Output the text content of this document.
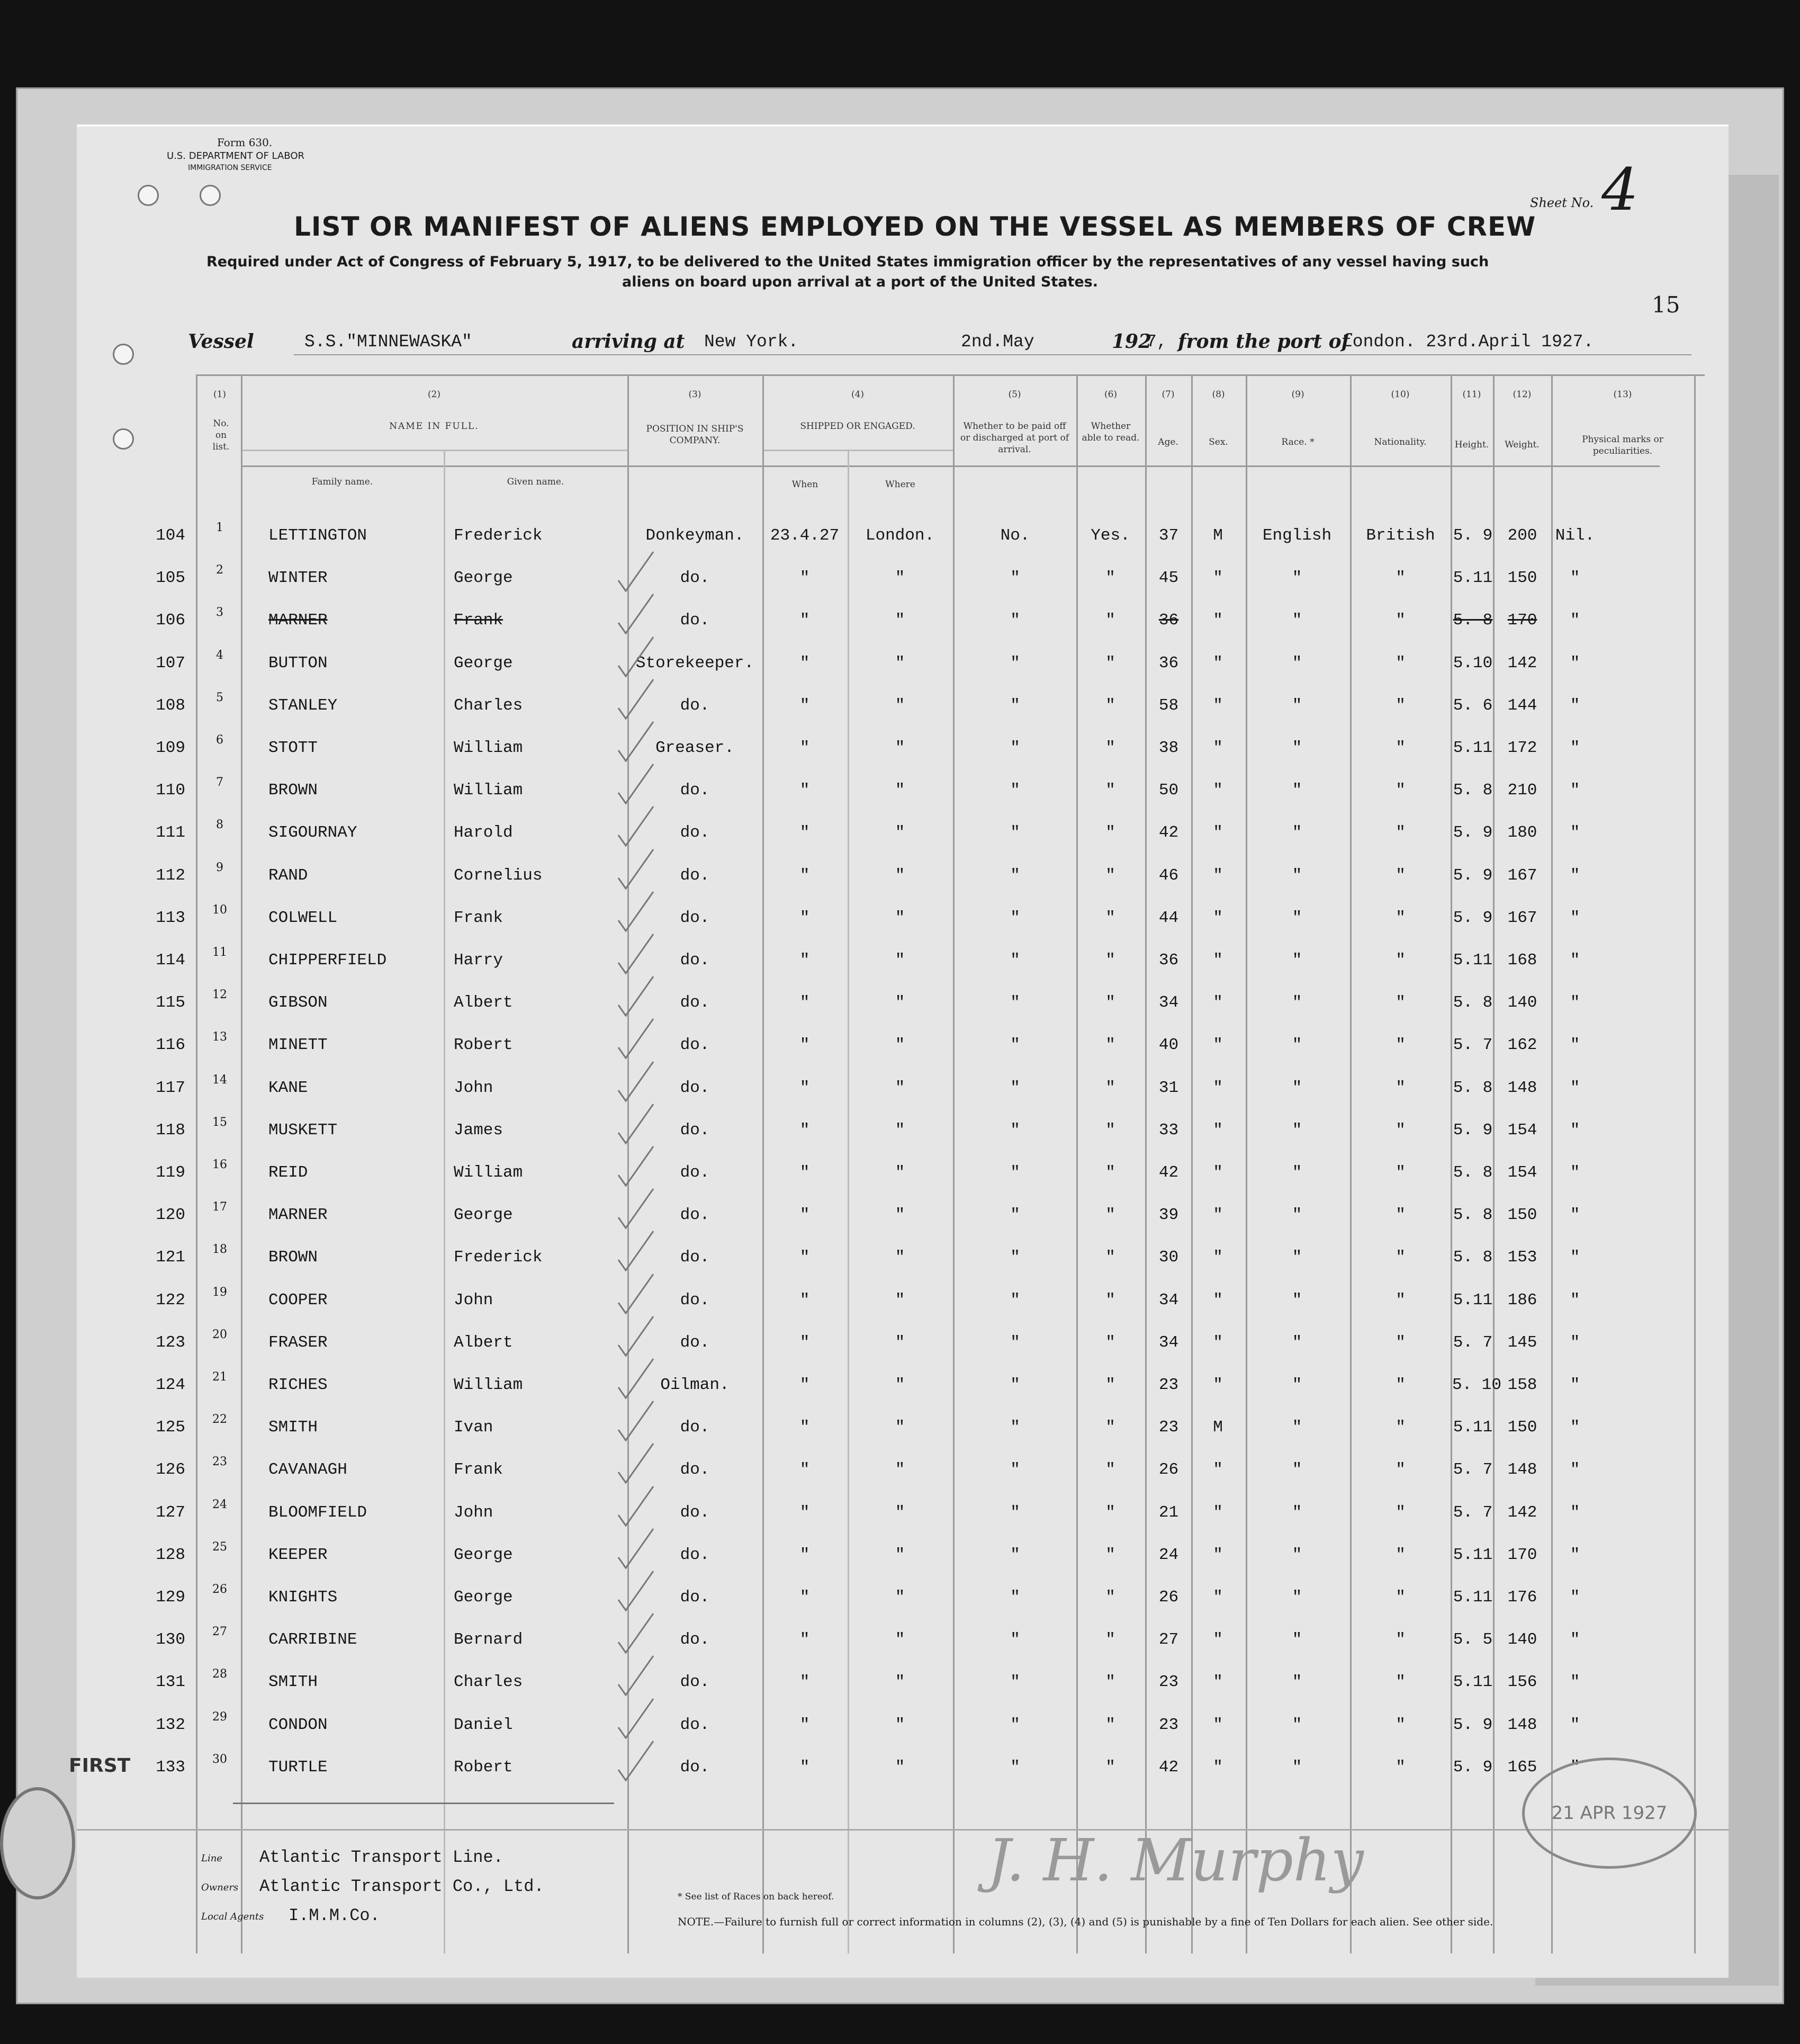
Form 630.
U.S. DEPARTMENT OF LABOR
IMMIGRATION SERVICE
Sheet No. 4
LIST OR MANIFEST OF ALIENS EMPLOYED ON THE VESSEL AS MEMBERS OF CREW
Required under Act of Congress of February 5, 1917, to be delivered to the United States immigration officer by the representatives of any vessel having such
aliens on board upon arrival at a port of the United States.
15
Vessel	S.S."MINNEWASKA"	arriving at New York.	2nd.May	192
7, from the port of
London. 23rd.April 1927.
(1)
No. on list.
(2)
NAME IN FULL.
Family name.	Given name.
(3)
POSITION IN SHIP'S COMPANY.
(4)
SHIPPED OR ENGAGED.
When	Where
(5)
Whether to be paid off or discharged at port of arrival.
(6)
Whether able to read.
(7)
Age.
(8)
Sex.
(9)
Race. *
(10)
Nationality.
(11)
Height.
(12)
Weight.
(13)
Physical marks or peculiarities.
104	1	LETTINGTON	Frederick	Donkeyman.	23.4.27	London.	No.	Yes.	37	M	English	British	5. 9 200	Nil.
105	2	WINTER	George	do.	"	"	"	"	45	"	"	"	5.11 150	"
106	3	MARNER	Frank	do.	"	"	"	"	36	"	"	"	5. 8 170	"
107	4	BUTTON	George	Storekeeper.	"	"	"	"	36	"	"	"	5.10 142	"
108	5	STANLEY	Charles	do.	"	"	"	"	58	"	"	"	5. 6 144	"
109	6	STOTT	William	Greaser.	"	"	"	"	38	"	"	"	5.11 172	"
110	7	BROWN	William	do.	"	"	"	"	50	"	"	"	5. 8 210	"
111	8	SIGOURNAY	Harold	do.	"	"	"	"	42	"	"	"	5. 9 180	"
112	9	RAND	Cornelius	do.	"	"	"	"	46	"	"	"	5. 9 167	"
113	10	COLWELL	Frank	do.	"	"	"	"	44	"	"	"	5. 9 167	"
114	11	CHIPPERFIELD	Harry	do.	"	"	"	"	36	"	"	"	5.11 168	"
115	12	GIBSON	Albert	do.	"	"	"	"	34	"	"	"	5. 8 140	"
116	13	MINETT	Robert	do.	"	"	"	"	40	"	"	"	5. 7 162	"
117	14	KANE	John	do.	"	"	"	"	31	"	"	"	5. 8 148	"
118	15	MUSKETT	James	do.	"	"	"	"	33	"	"	"	5. 9 154	"
119	16	REID	William	do.	"	"	"	"	42	"	"	"	5. 8 154	"
120	17	MARNER	George	do.	"	"	"	"	39	"	"	"	5. 8 150	"
121	18	BROWN	Frederick	do.	"	"	"	"	30	"	"	"	5. 8 153	"
122	19	COOPER	John	do.	"	"	"	"	34	"	"	"	5.11 186	"
123	20	FRASER	Albert	do.	"	"	"	"	34	"	"	"	5. 7 145	"
124	21	RICHES	William	Oilman.	"	"	"	"	23	"	"	"	5. 10 158	"
125	22	SMITH	Ivan	do.	"	"	"	"	23	M	"	"	5.11 150	"
126	23	CAVANAGH	Frank	do.	"	"	"	"	26	"	"	"	5. 7 148	"
127	24	BLOOMFIELD	John	do.	"	"	"	"	21	"	"	"	5. 7 142	"
128	25	KEEPER	George	do.	"	"	"	"	24	"	"	"	5.11 170	"
129	26	KNIGHTS	George	do.	"	"	"	"	26	"	"	"	5.11 176	"
130	27	CARRIBINE	Bernard	do.	"	"	"	"	27	"	"	"	5. 5 140	"
131	28	SMITH	Charles	do.	"	"	"	"	23	"	"	"	5.11 156	"
132	29	CONDON	Daniel	do.	"	"	"	"	23	"	"	"	5. 9 148	"
133	30	TURTLE	Robert	do.	"	"	"	"	42	"	"	"	5. 9 165	"
FIRST
21 APR 1927
J. H. Murphy
Line Atlantic Transport Line.
Owners Atlantic Transport Co., Ltd.
Local Agents I.M.M.Co.
* See list of Races on back hereof.
NOTE.—Failure to furnish full or correct information in columns (2), (3), (4) and (5) is punishable by a fine of Ten Dollars for each alien. See other side.
